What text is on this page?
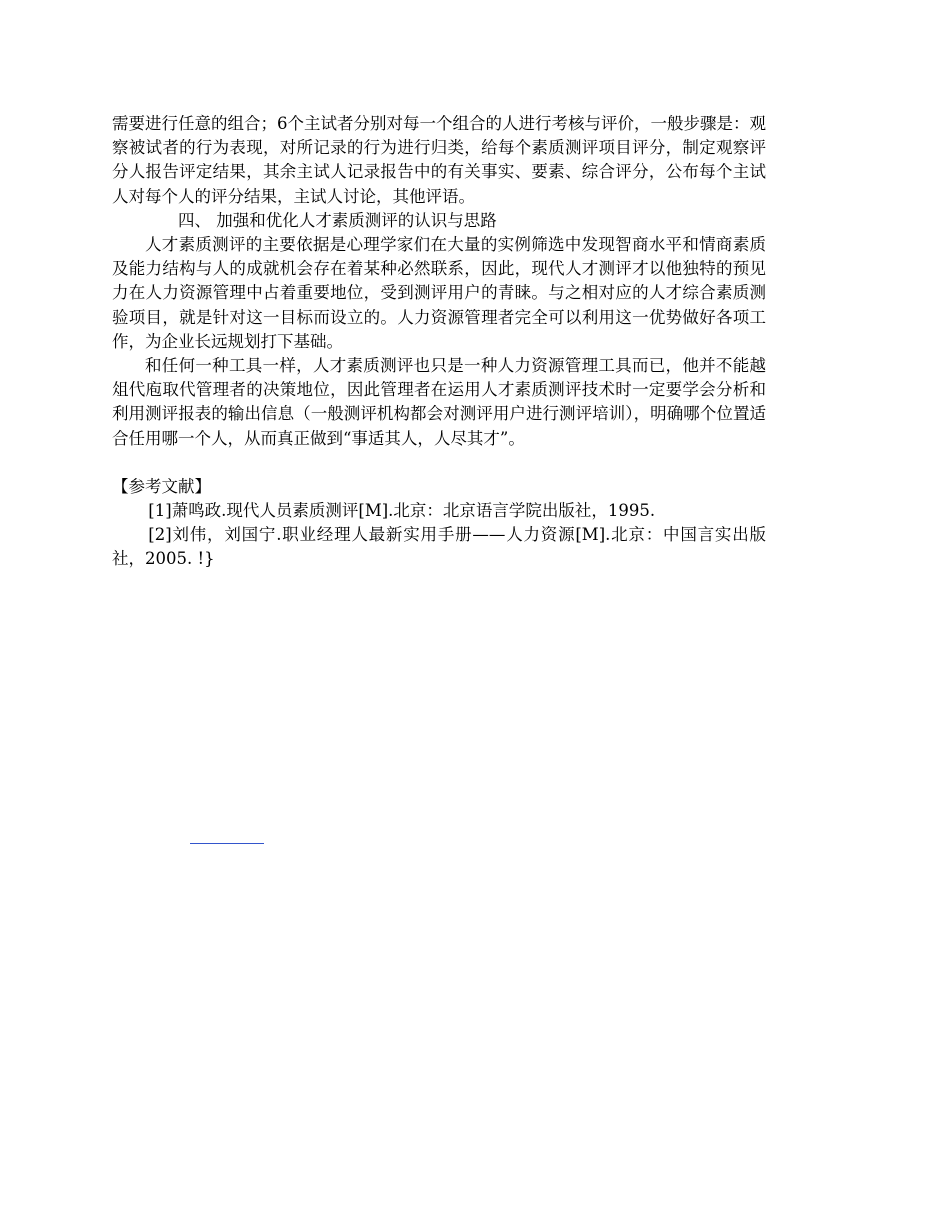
需要进行任意的组合；6个主试者分别对每一个组合的人进行考核与评价，一般步骤是：观察被试者的行为表现，对所记录的行为进行归类，给每个素质测评项目评分，制定观察评分人报告评定结果，其余主试人记录报告中的有关事实、要素、综合评分，公布每个主试人对每个人的评分结果，主试人讨论，其他评语。

四、 加强和优化人才素质测评的认识与思路

人才素质测评的主要依据是心理学家们在大量的实例筛选中发现智商水平和情商素质及能力结构与人的成就机会存在着某种必然联系，因此，现代人才测评才以他独特的预见力在人力资源管理中占着重要地位，受到测评用户的青睐。与之相对应的人才综合素质测验项目，就是针对这一目标而设立的。人力资源管理者完全可以利用这一优势做好各项工作，为企业长远规划打下基础。

和任何一种工具一样，人才素质测评也只是一种人力资源管理工具而已，他并不能越俎代庖取代管理者的决策地位，因此管理者在运用人才素质测评技术时一定要学会分析和利用测评报表的输出信息（一般测评机构都会对测评用户进行测评培训），明确哪个位置适合任用哪一个人，从而真正做到“事适其人，人尽其才”。

【参考文献】

[1]萧鸣政.现代人员素质测评[M].北京：北京语言学院出版社，1995.

[2]刘伟，刘国宁.职业经理人最新实用手册——人力资源[M].北京：中国言实出版社，2005. !}
